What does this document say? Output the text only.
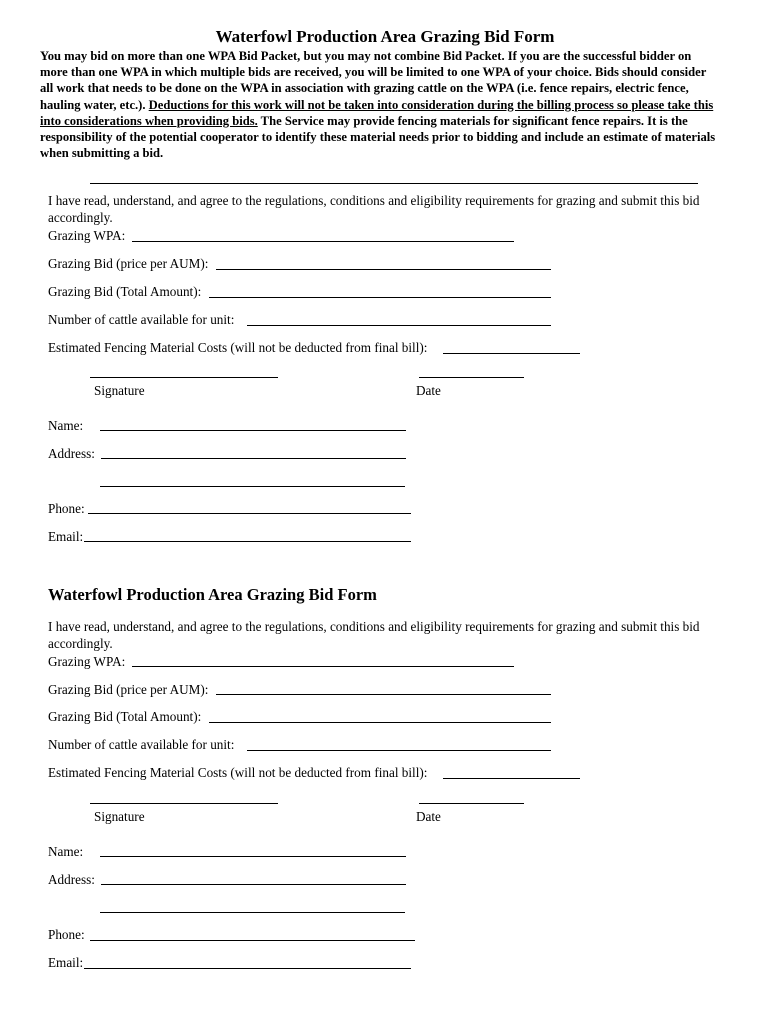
Waterfowl Production Area Grazing Bid Form
You may bid on more than one WPA Bid Packet, but you may not combine Bid Packet. If you are the successful bidder on more than one WPA in which multiple bids are received, you will be limited to one WPA of your choice. Bids should consider all work that needs to be done on the WPA in association with grazing cattle on the WPA (i.e. fence repairs, electric fence, hauling water, etc.). Deductions for this work will not be taken into consideration during the billing process so please take this into considerations when providing bids. The Service may provide fencing materials for significant fence repairs. It is the responsibility of the potential cooperator to identify these material needs prior to bidding and include an estimate of materials when submitting a bid.
I have read, understand, and agree to the regulations, conditions and eligibility requirements for grazing and submit this bid accordingly.
Grazing WPA:
Grazing Bid (price per AUM):
Grazing Bid (Total Amount):
Number of cattle available for unit:
Estimated Fencing Material Costs (will not be deducted from final bill):
Signature	Date
Name:
Address:
Phone:
Email:
Waterfowl Production Area Grazing Bid Form
I have read, understand, and agree to the regulations, conditions and eligibility requirements for grazing and submit this bid accordingly.
Grazing WPA:
Grazing Bid (price per AUM):
Grazing Bid (Total Amount):
Number of cattle available for unit:
Estimated Fencing Material Costs (will not be deducted from final bill):
Signature	Date
Name:
Address:
Phone:
Email:
